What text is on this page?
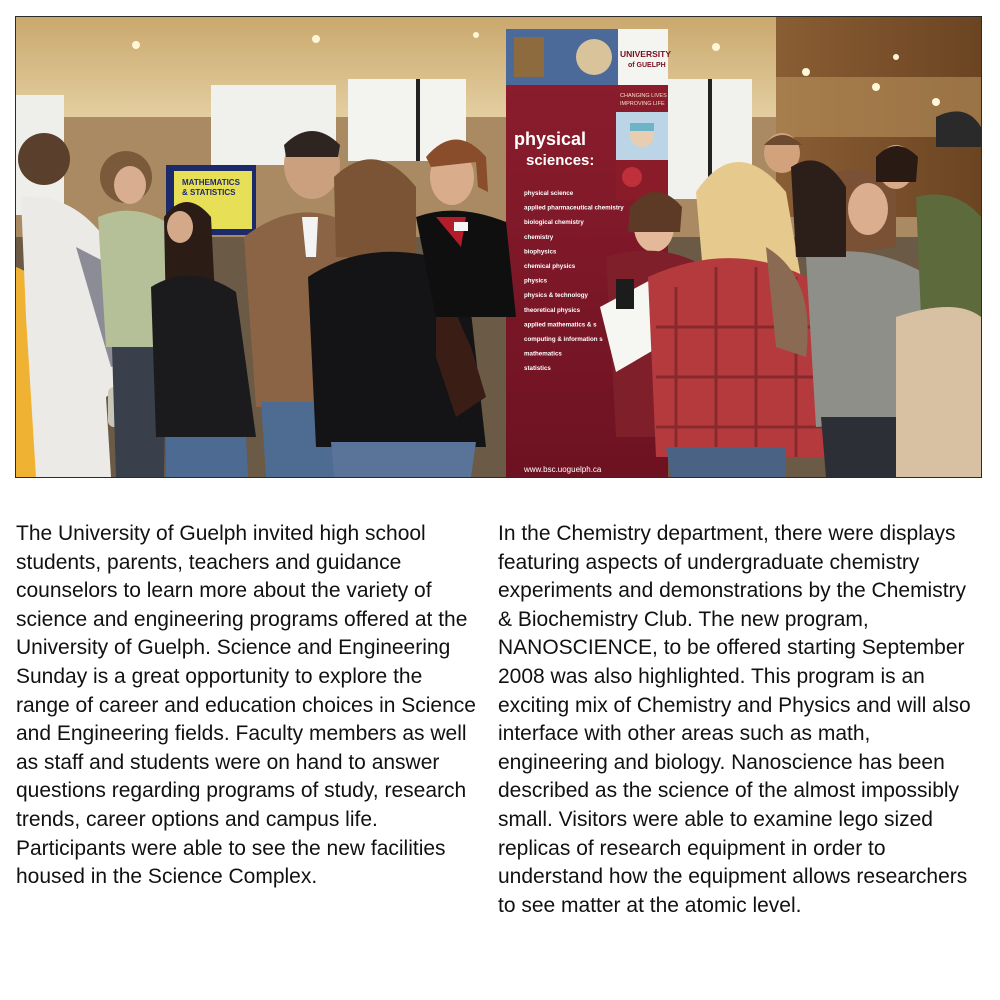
MATHEMATICS
& STATISTICS
UNIVERSITY
of GUELPH
CHANGING LIVES
IMPROVING LIFE
physical
sciences:
physical science
applied pharmaceutical chemistry
biological chemistry
chemistry
biophysics
chemical physics
physics
physics & technology
theoretical physics
applied mathematics & s
computing & information s
mathematics
statistics
www.bsc.uoguelph.ca

The University of Guelph invited high school students, parents, teachers and guidance counselors to learn more about the variety of science and engineering programs offered at the University of Guelph. Science and Engineering Sunday is a great opportunity to explore the range of career and education choices in Science and Engineering fields. Faculty members as well as staff and students were on hand to answer questions regarding programs of study, research trends, career options and campus life. Participants were able to see the new facilities housed in the Science Complex.

In the Chemistry department, there were displays featuring aspects of undergraduate chemistry experiments and demonstrations by the Chemistry & Biochemistry Club. The new program, NANOSCIENCE, to be offered starting September 2008 was also highlighted. This program is an exciting mix of Chemistry and Physics and will also interface with other areas such as math, engineering and biology. Nanoscience has been described as the science of the almost impossibly small. Visitors were able to examine lego sized replicas of research equipment in order to understand how the equipment allows researchers to see matter at the atomic level.
